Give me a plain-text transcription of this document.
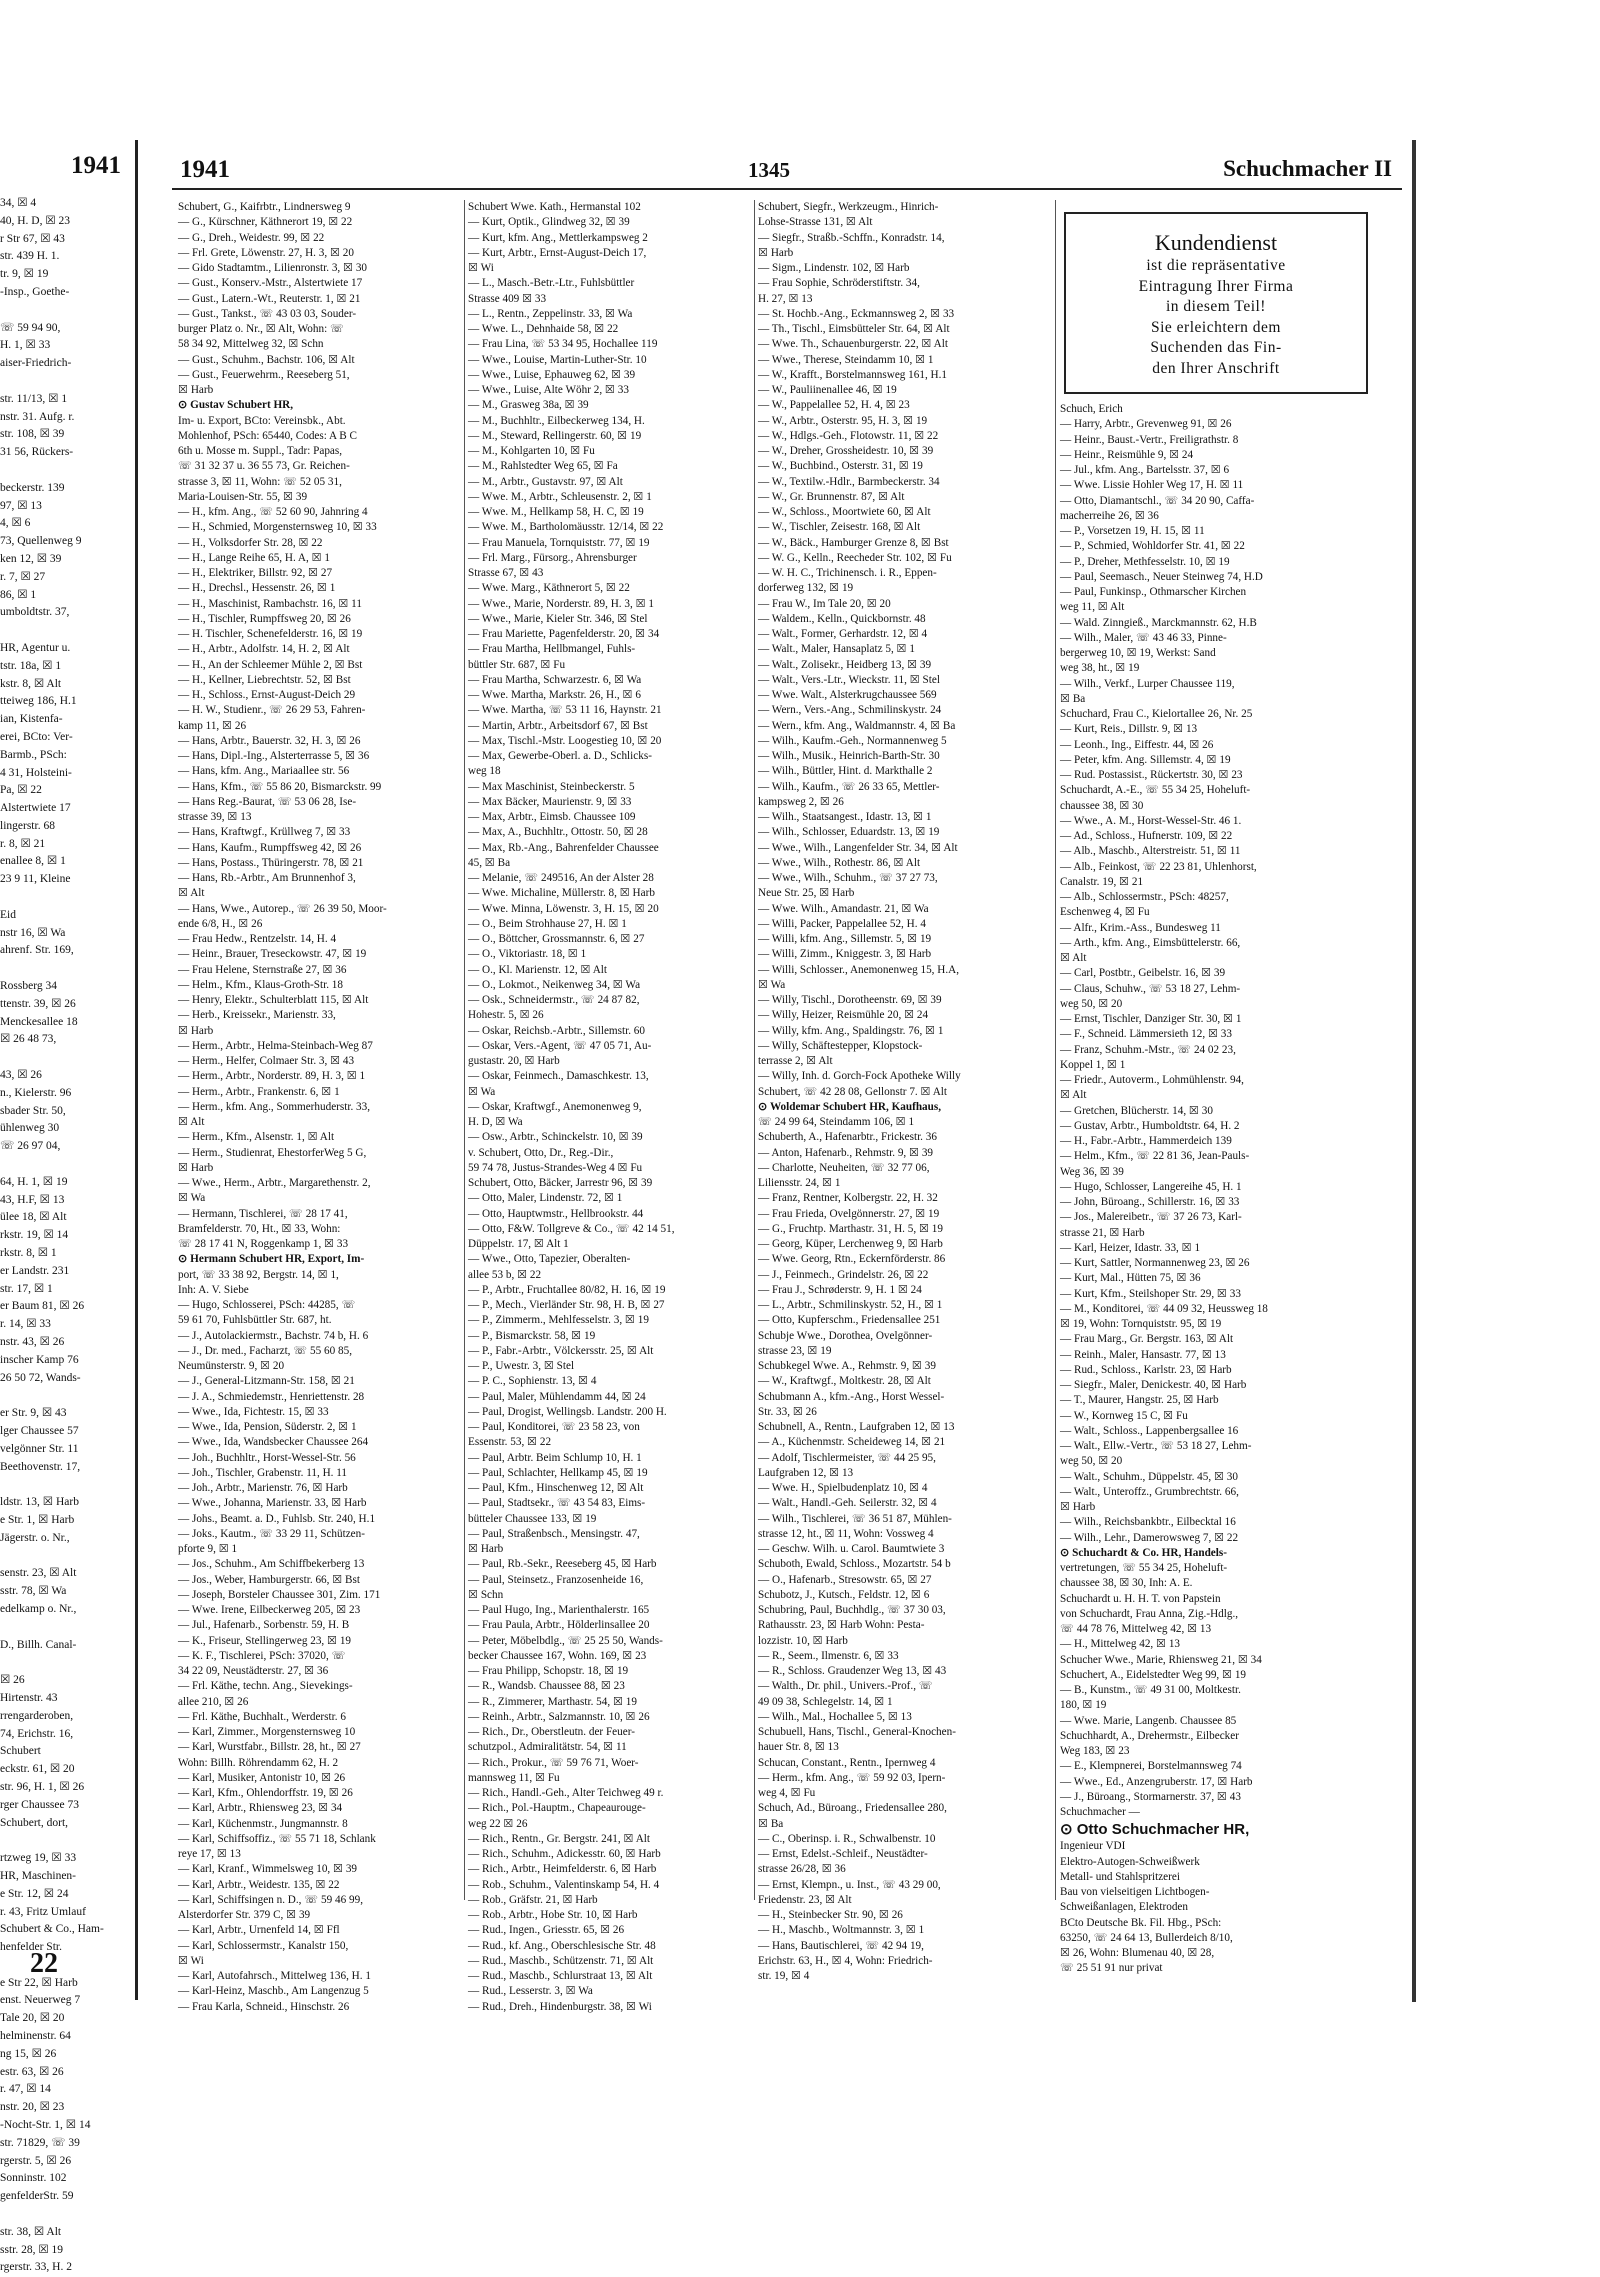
1941
34, ☒ 4
40, H. D, ☒ 23
r Str 67, ☒ 43
str. 439 H. 1.
tr. 9, ☒ 19
-Insp., Goethe-

☏ 59 94 90,
H. 1, ☒ 33
aiser-Friedrich-

str. 11/13, ☒ 1
nstr. 31. Aufg. r.
str. 108, ☒ 39
31 56, Rückers-

beckerstr. 139
97, ☒ 13
4, ☒ 6
73, Quellenweg 9
ken 12, ☒ 39
r. 7, ☒ 27
86, ☒ 1
umboldtstr. 37,

HR, Agentur u.
tstr. 18a, ☒ 1
kstr. 8, ☒ Alt
tteiweg 186, H.1
ian, Kistenfa-
erei, BCto: Ver-
Barmb., PSch:
4 31, Holsteini-
Pa, ☒ 22
Alstertwiete 17
lingerstr. 68
r. 8, ☒ 21
enallee 8, ☒ 1
23 9 11, Kleine

Eid
nstr 16, ☒ Wa
ahrenf. Str. 169,

Rossberg 34
ttenstr. 39, ☒ 26
Menckesallee 18
☒ 26 48 73,

43, ☒ 26
n., Kielerstr. 96
sbader Str. 50,
ühlenweg 30
☏ 26 97 04,

64, H. 1, ☒ 19
43, H.F, ☒ 13
ülee 18, ☒ Alt
rkstr. 19, ☒ 14
rkstr. 8, ☒ 1
er Landstr. 231
str. 17, ☒ 1
er Baum 81, ☒ 26
r. 14, ☒ 33
nstr. 43, ☒ 26
inscher Kamp 76
26 50 72, Wands-

er Str. 9, ☒ 43
lger Chaussee 57
velgönner Str. 11
Beethovenstr. 17,

ldstr. 13, ☒ Harb
e Str. 1, ☒ Harb
Jägerstr. o. Nr.,

senstr. 23, ☒ Alt
sstr. 78, ☒ Wa
edelkamp o. Nr.,

D., Billh. Canal-

☒ 26
Hirtenstr. 43
rrengarderoben,
74, Erichstr. 16,
Schubert
eckstr. 61, ☒ 20
str. 96, H. 1, ☒ 26
rger Chaussee 73
Schubert, dort,

rtzweg 19, ☒ 33
HR, Maschinen-
e Str. 12, ☒ 24
r. 43, Fritz Umlauf
Schubert & Co., Ham-
henfelder Str.

e Str 22, ☒ Harb
enst. Neuerweg 7
Tale 20, ☒ 20
helminenstr. 64
ng 15, ☒ 26
estr. 63, ☒ 26
r. 47, ☒ 14
nstr. 20, ☒ 23
-Nocht-Str. 1, ☒ 14
str. 71829, ☏ 39
rgerstr. 5, ☒ 26
Sonninstr. 102
genfelderStr. 59

str. 38, ☒ Alt
sstr. 28, ☒ 19
rgerstr. 33, H. 2
22
1941	1345	Schuchmacher II
Schubert, G., Kaifrbtr., Lindnersweg 9
— G., Kürschner, Käthnerort 19, ☒ 22
— G., Dreh., Weidestr. 99, ☒ 22
— Frl. Grete, Löwenstr. 27, H. 3, ☒ 20
— Gido Stadtamtm., Lilienronstr. 3, ☒ 30
— Gust., Konserv.-Mstr., Alstertwiete 17
— Gust., Latern.-Wt., Reuterstr. 1, ☒ 21
— Gust., Tankst., ☏ 43 03 03, Souder-
burger Platz o. Nr., ☒ Alt, Wohn: ☏
58 34 92, Mittelweg 32, ☒ Schn
— Gust., Schuhm., Bachstr. 106, ☒ Alt
— Gust., Feuerwehrm., Reeseberg 51,
☒ Harb
⊙ Gustav Schubert HR,
Im- u. Export, BCto: Vereinsbk., Abt.
Mohlenhof, PSch: 65440, Codes: A B C
6th u. Mosse m. Suppl., Tadr: Papas,
☏ 31 32 37 u. 36 55 73, Gr. Reichen-
strasse 3, ☒ 11, Wohn: ☏ 52 05 31,
Maria-Louisen-Str. 55, ☒ 39
— H., kfm. Ang., ☏ 52 60 90, Jahnring 4
— H., Schmied, Morgensternsweg 10, ☒ 33
— H., Volksdorfer Str. 28, ☒ 22
— H., Lange Reihe 65, H. A, ☒ 1
— H., Elektriker, Billstr. 92, ☒ 27
— H., Drechsl., Hessenstr. 26, ☒ 1
— H., Maschinist, Rambachstr. 16, ☒ 11
— H., Tischler, Rumpffsweg 20, ☒ 26
— H. Tischler, Schenefelderstr. 16, ☒ 19
— H., Arbtr., Adolfstr. 14, H. 2, ☒ Alt
— H., An der Schleemer Mühle 2, ☒ Bst
— H., Kellner, Liebrechtstr. 52, ☒ Bst
— H., Schloss., Ernst-August-Deich 29
— H. W., Studienr., ☏ 26 29 53, Fahren-
kamp 11, ☒ 26
— Hans, Arbtr., Bauerstr. 32, H. 3, ☒ 26
— Hans, Dipl.-Ing., Alsterterrasse 5, ☒ 36
— Hans, kfm. Ang., Mariaallee str. 56
— Hans, Kfm., ☏ 55 86 20, Bismarckstr. 99
— Hans Reg.-Baurat, ☏ 53 06 28, Ise-
strasse 39, ☒ 13
— Hans, Kraftwgf., Krüllweg 7, ☒ 33
— Hans, Kaufm., Rumpffsweg 42, ☒ 26
— Hans, Postass., Thüringerstr. 78, ☒ 21
— Hans, Rb.-Arbtr., Am Brunnenhof 3,
☒ Alt
— Hans, Wwe., Autorep., ☏ 26 39 50, Moor-
ende 6/8, H., ☒ 26
— Frau Hedw., Rentzelstr. 14, H. 4
— Heinr., Brauer, Treseckowstr. 47, ☒ 19
— Frau Helene, Sternstraße 27, ☒ 36
— Helm., Kfm., Klaus-Groth-Str. 18
— Henry, Elektr., Schulterblatt 115, ☒ Alt
— Herb., Kreissekr., Marienstr. 33,
☒ Harb
— Herm., Arbtr., Helma-Steinbach-Weg 87
— Herm., Helfer, Colmaer Str. 3, ☒ 43
— Herm., Arbtr., Norderstr. 89, H. 3, ☒ 1
— Herm., Arbtr., Frankenstr. 6, ☒ 1
— Herm., kfm. Ang., Sommerhuderstr. 33,
☒ Alt
— Herm., Kfm., Alsenstr. 1, ☒ Alt
— Herm., Studienrat, EhestorferWeg 5 G,
☒ Harb
— Wwe., Herm., Arbtr., Margarethenstr. 2,
☒ Wa
— Hermann, Tischlerei, ☏ 28 17 41,
Bramfelderstr. 70, Ht., ☒ 33, Wohn:
☏ 28 17 41 N, Roggenkamp 1, ☒ 33
⊙ Hermann Schubert HR, Export, Im-
port, ☏ 33 38 92, Bergstr. 14, ☒ 1,
Inh: A. V. Siebe
— Hugo, Schlosserei, PSch: 44285, ☏
59 61 70, Fuhlsbüttler Str. 687, ht.
— J., Autolackiermstr., Bachstr. 74 b, H. 6
— J., Dr. med., Facharzt, ☏ 55 60 85,
Neumünsterstr. 9, ☒ 20
— J., General-Litzmann-Str. 158, ☒ 21
— J. A., Schmiedemstr., Henriettenstr. 28
— Wwe., Ida, Fichtestr. 15, ☒ 33
— Wwe., Ida, Pension, Süderstr. 2, ☒ 1
— Wwe., Ida, Wandsbecker Chaussee 264
— Joh., Buchhltr., Horst-Wessel-Str. 56
— Joh., Tischler, Grabenstr. 11, H. 11
— Joh., Arbtr., Marienstr. 76, ☒ Harb
— Wwe., Johanna, Marienstr. 33, ☒ Harb
— Johs., Beamt. a. D., Fuhlsb. Str. 240, H.1
— Joks., Kautm., ☏ 33 29 11, Schützen-
pforte 9, ☒ 1
— Jos., Schuhm., Am Schiffbekerberg 13
— Jos., Weber, Hamburgerstr. 66, ☒ Bst
— Joseph, Borsteler Chaussee 301, Zim. 171
— Wwe. Irene, Eilbeckerweg 205, ☒ 23
— Jul., Hafenarb., Sorbenstr. 59, H. B
— K., Friseur, Stellingerweg 23, ☒ 19
— K. F., Tischlerei, PSch: 37020, ☏
34 22 09, Neustädterstr. 27, ☒ 36
— Frl. Käthe, techn. Ang., Sievekings-
allee 210, ☒ 26
— Frl. Käthe, Buchhalt., Werderstr. 6
— Karl, Zimmer., Morgensternsweg 10
— Karl, Wurstfabr., Billstr. 28, ht., ☒ 27
Wohn: Billh. Röhrendamm 62, H. 2
— Karl, Musiker, Antonistr 10, ☒ 26
— Karl, Kfm., Ohlendorffstr. 19, ☒ 26
— Karl, Arbtr., Rhiensweg 23, ☒ 34
— Karl, Küchenmstr., Jungmannstr. 8
— Karl, Schiffsoffiz., ☏ 55 71 18, Schlank
reye 17, ☒ 13
— Karl, Kranf., Wimmelsweg 10, ☒ 39
— Karl, Arbtr., Weidestr. 135, ☒ 22
— Karl, Schiffsingen n. D., ☏ 59 46 99,
Alsterdorfer Str. 379 C, ☒ 39
— Karl, Arbtr., Urnenfeld 14, ☒ Ffl
— Karl, Schlossermstr., Kanalstr 150,
☒ Wi
— Karl, Autofahrsch., Mittelweg 136, H. 1
— Karl-Heinz, Maschb., Am Langenzug 5
— Frau Karla, Schneid., Hinschstr. 26
Schubert Wwe. Kath., Hermanstal 102
— Kurt, Optik., Glindweg 32, ☒ 39
— Kurt, kfm. Ang., Mettlerkampsweg 2
— Kurt, Arbtr., Ernst-August-Deich 17,
☒ Wi
— L., Masch.-Betr.-Ltr., Fuhlsbüttler
Strasse 409 ☒ 33
— L., Rentn., Zeppelinstr. 33, ☒ Wa
— Wwe. L., Dehnhaide 58, ☒ 22
— Frau Lina, ☏ 53 34 95, Hochallee 119
— Wwe., Louise, Martin-Luther-Str. 10
— Wwe., Luise, Ephauweg 62, ☒ 39
— Wwe., Luise, Alte Wöhr 2, ☒ 33
— M., Grasweg 38a, ☒ 39
— M., Buchhltr., Eilbeckerweg 134, H.
— M., Steward, Rellingerstr. 60, ☒ 19
— M., Kohlgarten 10, ☒ Fu
— M., Rahlstedter Weg 65, ☒ Fa
— M., Arbtr., Gustavstr. 97, ☒ Alt
— Wwe. M., Arbtr., Schleusenstr. 2, ☒ 1
— Wwe. M., Hellkamp 58, H. C, ☒ 19
— Wwe. M., Bartholomäusstr. 12/14, ☒ 22
— Frau Manuela, Tornquiststr. 77, ☒ 19
— Frl. Marg., Fürsorg., Ahrensburger
Strasse 67, ☒ 43
— Wwe. Marg., Käthnerort 5, ☒ 22
— Wwe., Marie, Norderstr. 89, H. 3, ☒ 1
— Wwe., Marie, Kieler Str. 346, ☒ Stel
— Frau Mariette, Pagenfelderstr. 20, ☒ 34
— Frau Martha, Hellbmangel, Fuhls-
büttler Str. 687, ☒ Fu
— Frau Martha, Schwarzestr. 6, ☒ Wa
— Wwe. Martha, Markstr. 26, H., ☒ 6
— Wwe. Martha, ☏ 53 11 16, Haynstr. 21
— Martin, Arbtr., Arbeitsdorf 67, ☒ Bst
— Max, Tischl.-Mstr. Loogestieg 10, ☒ 20
— Max, Gewerbe-Oberl. a. D., Schlicks-
weg 18
— Max Maschinist, Steinbeckerstr. 5
— Max Bäcker, Maurienstr. 9, ☒ 33
— Max, Arbtr., Eimsb. Chaussee 109
— Max, A., Buchhltr., Ottostr. 50, ☒ 28
— Max, Rb.-Ang., Bahrenfelder Chaussee
45, ☒ Ba
— Melanie, ☏ 249516, An der Alster 28
— Wwe. Michaline, Müllerstr. 8, ☒ Harb
— Wwe. Minna, Löwenstr. 3, H. 15, ☒ 20
— O., Beim Strohhause 27, H. ☒ 1
— O., Böttcher, Grossmannstr. 6, ☒ 27
— O., Viktoriastr. 18, ☒ 1
— O., Kl. Marienstr. 12, ☒ Alt
— O., Lokmot., Neikenweg 34, ☒ Wa
— Osk., Schneidermstr., ☏ 24 87 82,
Hohestr. 5, ☒ 26
— Oskar, Reichsb.-Arbtr., Sillemstr. 60
— Oskar, Vers.-Agent, ☏ 47 05 71, Au-
gustastr. 20, ☒ Harb
— Oskar, Feinmech., Damaschkestr. 13,
☒ Wa
— Oskar, Kraftwgf., Anemonenweg 9,
H. D, ☒ Wa
— Osw., Arbtr., Schinckelstr. 10, ☒ 39
v. Schubert, Otto, Dr., Reg.-Dir.,
59 74 78, Justus-Strandes-Weg 4 ☒ Fu
Schubert, Otto, Bäcker, Jarrestr 96, ☒ 39
— Otto, Maler, Lindenstr. 72, ☒ 1
— Otto, Hauptwmstr., Hellbrookstr. 44
— Otto, F&W. Tollgreve & Co., ☏ 42 14 51,
Düppelstr. 17, ☒ Alt 1
— Wwe., Otto, Tapezier, Oberalten-
allee 53 b, ☒ 22
— P., Arbtr., Fruchtallee 80/82, H. 16, ☒ 19
— P., Mech., Vierländer Str. 98, H. B, ☒ 27
— P., Zimmerm., Mehlfesselstr. 3, ☒ 19
— P., Bismarckstr. 58, ☒ 19
— P., Fabr.-Arbtr., Völckersstr. 25, ☒ Alt
— P., Uwestr. 3, ☒ Stel
— P. C., Sophienstr. 13, ☒ 4
— Paul, Maler, Mühlendamm 44, ☒ 24
— Paul, Drogist, Wellingsb. Landstr. 200 H.
— Paul, Konditorei, ☏ 23 58 23, von
Essenstr. 53, ☒ 22
— Paul, Arbtr. Beim Schlump 10, H. 1
— Paul, Schlachter, Hellkamp 45, ☒ 19
— Paul, Kfm., Hinschenweg 12, ☒ Alt
— Paul, Stadtsekr., ☏ 43 54 83, Eims-
bütteler Chaussee 133, ☒ 19
— Paul, Straßenbsch., Mensingstr. 47,
☒ Harb
— Paul, Rb.-Sekr., Reeseberg 45, ☒ Harb
— Paul, Steinsetz., Franzosenheide 16,
☒ Schn
— Paul Hugo, Ing., Marienthalerstr. 165
— Frau Paula, Arbtr., Hölderlinsallee 20
— Peter, Möbelbdlg., ☏ 25 25 50, Wands-
becker Chaussee 167, Wohn. 169, ☒ 23
— Frau Philipp, Schopstr. 18, ☒ 19
— R., Wandsb. Chaussee 88, ☒ 23
— R., Zimmerer, Marthastr. 54, ☒ 19
— Reinh., Arbtr., Salzmannstr. 10, ☒ 26
— Rich., Dr., Oberstleutn. der Feuer-
schutzpol., Admiralitätstr. 54, ☒ 11
— Rich., Prokur., ☏ 59 76 71, Woer-
mannsweg 11, ☒ Fu
— Rich., Handl.-Geh., Alter Teichweg 49 r.
— Rich., Pol.-Hauptm., Chapeaurouge-
weg 22 ☒ 26
— Rich., Rentn., Gr. Bergstr. 241, ☒ Alt
— Rich., Schuhm., Adickesstr. 60, ☒ Harb
— Rich., Arbtr., Heimfelderstr. 6, ☒ Harb
— Rob., Schuhm., Valentinskamp 54, H. 4
— Rob., Gräfstr. 21, ☒ Harb
— Rob., Arbtr., Hobe Str. 10, ☒ Harb
— Rud., Ingen., Griesstr. 65, ☒ 26
— Rud., kf. Ang., Oberschlesische Str. 48
— Rud., Maschb., Schützenstr. 71, ☒ Alt
— Rud., Maschb., Schlurstraat 13, ☒ Alt
— Rud., Lesserstr. 3, ☒ Wa
— Rud., Dreh., Hindenburgstr. 38, ☒ Wi
Schubert, Siegfr., Werkzeugm., Hinrich-
Lohse-Strasse 131, ☒ Alt
— Siegfr., Straßb.-Schffn., Konradstr. 14,
☒ Harb
— Sigm., Lindenstr. 102, ☒ Harb
— Frau Sophie, Schröderstiftstr. 34,
H. 27, ☒ 13
— St. Hochb.-Ang., Eckmannsweg 2, ☒ 33
— Th., Tischl., Eimsbütteler Str. 64, ☒ Alt
— Wwe. Th., Schauenburgerstr. 22, ☒ Alt
— Wwe., Therese, Steindamm 10, ☒ 1
— W., Krafft., Borstelmannsweg 161, H.1
— W., Pauliinenallee 46, ☒ 19
— W., Pappelallee 52, H. 4, ☒ 23
— W., Arbtr., Osterstr. 95, H. 3, ☒ 19
— W., Hdlgs.-Geh., Flotowstr. 11, ☒ 22
— W., Dreher, Grossheidestr. 10, ☒ 39
— W., Buchbind., Osterstr. 31, ☒ 19
— W., Textilw.-Hdlr., Barmbeckerstr. 34
— W., Gr. Brunnenstr. 87, ☒ Alt
— W., Schloss., Moortwiete 60, ☒ Alt
— W., Tischler, Zeisestr. 168, ☒ Alt
— W., Bäck., Hamburger Grenze 8, ☒ Bst
— W. G., Kelln., Reecheder Str. 102, ☒ Fu
— W. H. C., Trichinensch. i. R., Eppen-
dorferweg 132, ☒ 19
— Frau W., Im Tale 20, ☒ 20
— Waldem., Kelln., Quickbornstr. 48
— Walt., Former, Gerhardstr. 12, ☒ 4
— Walt., Maler, Hansaplatz 5, ☒ 1
— Walt., Zolisekr., Heidberg 13, ☒ 39
— Walt., Vers.-Ltr., Wieckstr. 11, ☒ Stel
— Wwe. Walt., Alsterkrugchaussee 569
— Wern., Vers.-Ang., Schmilinskystr. 24
— Wern., kfm. Ang., Waldmannstr. 4, ☒ Ba
— Wilh., Kaufm.-Geh., Normannenweg 5
— Wilh., Musik., Heinrich-Barth-Str. 30
— Wilh., Büttler, Hint. d. Markthalle 2
— Wilh., Kaufm., ☏ 26 33 65, Mettler-
kampsweg 2, ☒ 26
— Wilh., Staatsangest., Idastr. 13, ☒ 1
— Wilh., Schlosser, Eduardstr. 13, ☒ 19
— Wwe., Wilh., Langenfelder Str. 34, ☒ Alt
— Wwe., Wilh., Rothestr. 86, ☒ Alt
— Wwe., Wilh., Schuhm., ☏ 37 27 73,
Neue Str. 25, ☒ Harb
— Wwe. Wilh., Amandastr. 21, ☒ Wa
— Willi, Packer, Pappelallee 52, H. 4
— Willi, kfm. Ang., Sillemstr. 5, ☒ 19
— Willi, Zimm., Kniggestr. 3, ☒ Harb
— Willi, Schlosser., Anemonenweg 15, H.A,
☒ Wa
— Willy, Tischl., Dorotheenstr. 69, ☒ 39
— Willy, Heizer, Reismühle 20, ☒ 24
— Willy, kfm. Ang., Spaldingstr. 76, ☒ 1
— Willy, Schäftestepper, Klopstock-
terrasse 2, ☒ Alt
— Willy, Inh. d. Gorch-Fock Apotheke Willy
Schubert, ☏ 42 28 08, Gellonstr 7. ☒ Alt
⊙ Woldemar Schubert HR, Kaufhaus,
☏ 24 99 64, Steindamm 106, ☒ 1
Schuberth, A., Hafenarbtr., Frickestr. 36
— Anton, Hafenarb., Rehmstr. 9, ☒ 39
— Charlotte, Neuheiten, ☏ 32 77 06,
Liliensstr. 24, ☒ 1
— Franz, Rentner, Kolbergstr. 22, H. 32
— Frau Frieda, Ovelgönnerstr. 27, ☒ 19
— G., Fruchtp. Marthastr. 31, H. 5, ☒ 19
— Georg, Küper, Lerchenweg 9, ☒ Harb
— Wwe. Georg, Rtn., Eckernförderstr. 86
— J., Feinmech., Grindelstr. 26, ☒ 22
— Frau J., Schrøderstr. 9, H. 1 ☒ 24
— L., Arbtr., Schmilinskystr. 52, H., ☒ 1
— Otto, Kupferschm., Friedensallee 251
Schubje Wwe., Dorothea, Ovelgönner-
strasse 23, ☒ 19
Schubkegel Wwe. A., Rehmstr. 9, ☒ 39
— W., Kraftwgf., Moltkestr. 28, ☒ Alt
Schubmann A., kfm.-Ang., Horst Wessel-
Str. 33, ☒ 26
Schubnell, A., Rentn., Laufgraben 12, ☒ 13
— A., Küchenmstr. Scheideweg 14, ☒ 21
— Adolf, Tischlermeister, ☏ 44 25 95,
Laufgraben 12, ☒ 13
— Wwe. H., Spielbudenplatz 10, ☒ 4
— Walt., Handl.-Geh. Seilerstr. 32, ☒ 4
— Wilh., Tischlerei, ☏ 36 51 87, Mühlen-
strasse 12, ht., ☒ 11, Wohn: Vossweg 4
— Geschw. Wilh. u. Carol. Baumtwiete 3
Schuboth, Ewald, Schloss., Mozartstr. 54 b
— O., Hafenarb., Stresowstr. 65, ☒ 27
Schubotz, J., Kutsch., Feldstr. 12, ☒ 6
Schubring, Paul, Buchhdlg., ☏ 37 30 03,
Rathausstr. 23, ☒ Harb Wohn: Pesta-
lozzistr. 10, ☒ Harb
— R., Seem., Ilmenstr. 6, ☒ 33
— R., Schloss. Graudenzer Weg 13, ☒ 43
— Walth., Dr. phil., Univers.-Prof., ☏
49 09 38, Schlegelstr. 14, ☒ 1
— Wilh., Mal., Hochallee 5, ☒ 13
Schubuell, Hans, Tischl., General-Knochen-
hauer Str. 8, ☒ 13
Schucan, Constant., Rentn., Ipernweg 4
— Herm., kfm. Ang., ☏ 59 92 03, Ipern-
weg 4, ☒ Fu
Schuch, Ad., Büroang., Friedensallee 280,
☒ Ba
— C., Oberinsp. i. R., Schwalbenstr. 10
— Ernst, Edelst.-Schleif., Neustädter-
strasse 26/28, ☒ 36
— Ernst, Klempn., u. Inst., ☏ 43 29 00,
Friedenstr. 23, ☒ Alt
— H., Steinbecker Str. 90, ☒ 26
— H., Maschb., Woltmannstr. 3, ☒ 1
— Hans, Bautischlerei, ☏ 42 94 19,
Erichstr. 63, H., ☒ 4, Wohn: Friedrich-
str. 19, ☒ 4
Kundendienst
ist die repräsentative
Eintragung Ihrer Firma
in diesem Teil!
Sie erleichtern dem
Suchenden das Fin-
den Ihrer Anschrift
Schuch, Erich
— Harry, Arbtr., Grevenweg 91, ☒ 26
— Heinr., Baust.-Vertr., Freiligrathstr. 8
— Heinr., Reismühle 9, ☒ 24
— Jul., kfm. Ang., Bartelsstr. 37, ☒ 6
— Wwe. Lissie Hohler Weg 17, H. ☒ 11
— Otto, Diamantschl., ☏ 34 20 90, Caffa-
macherreihe 26, ☒ 36
— P., Vorsetzen 19, H. 15, ☒ 11
— P., Schmied, Wohldorfer Str. 41, ☒ 22
— P., Dreher, Methfesselstr. 10, ☒ 19
— Paul, Seemasch., Neuer Steinweg 74, H.D
— Paul, Funkinsp., Othmarscher Kirchen
weg 11, ☒ Alt
— Wald. Zinngieß., Marckmannstr. 62, H.B
— Wilh., Maler, ☏ 43 46 33, Pinne-
bergerweg 10, ☒ 19, Werkst: Sand
weg 38, ht., ☒ 19
— Wilh., Verkf., Lurper Chaussee 119,
☒ Ba
Schuchard, Frau C., Kielortallee 26, Nr. 25
— Kurt, Reis., Dillstr. 9, ☒ 13
— Leonh., Ing., Eiffestr. 44, ☒ 26
— Peter, kfm. Ang. Sillemstr. 4, ☒ 19
— Rud. Postassist., Rückertstr. 30, ☒ 23
Schuchardt, A.-E., ☏ 55 34 25, Hoheluft-
chaussee 38, ☒ 30
— Wwe., A. M., Horst-Wessel-Str. 46 1.
— Ad., Schloss., Hufnerstr. 109, ☒ 22
— Alb., Maschb., Alterstreistr. 51, ☒ 11
— Alb., Feinkost, ☏ 22 23 81, Uhlenhorst,
Canalstr. 19, ☒ 21
— Alb., Schlossermstr., PSch: 48257,
Eschenweg 4, ☒ Fu
— Alfr., Krim.-Ass., Bundesweg 11
— Arth., kfm. Ang., Eimsbüttelerstr. 66,
☒ Alt
— Carl, Postbtr., Geibelstr. 16, ☒ 39
— Claus, Schuhw., ☏ 53 18 27, Lehm-
weg 50, ☒ 20
— Ernst, Tischler, Danziger Str. 30, ☒ 1
— F., Schneid. Lämmersieth 12, ☒ 33
— Franz, Schuhm.-Mstr., ☏ 24 02 23,
Koppel 1, ☒ 1
— Friedr., Autoverm., Lohmühlenstr. 94,
☒ Alt
— Gretchen, Blücherstr. 14, ☒ 30
— Gustav, Arbtr., Humboldtstr. 64, H. 2
— H., Fabr.-Arbtr., Hammerdeich 139
— Helm., Kfm., ☏ 22 81 36, Jean-Pauls-
Weg 36, ☒ 39
— Hugo, Schlosser, Langereihe 45, H. 1
— John, Büroang., Schillerstr. 16, ☒ 33
— Jos., Malereibetr., ☏ 37 26 73, Karl-
strasse 21, ☒ Harb
— Karl, Heizer, Idastr. 33, ☒ 1
— Kurt, Sattler, Normannenweg 23, ☒ 26
— Kurt, Mal., Hütten 75, ☒ 36
— Kurt, Kfm., Steilshoper Str. 29, ☒ 33
— M., Konditorei, ☏ 44 09 32, Heussweg 18
☒ 19, Wohn: Tornquiststr. 95, ☒ 19
— Frau Marg., Gr. Bergstr. 163, ☒ Alt
— Reinh., Maler, Hansastr. 77, ☒ 13
— Rud., Schloss., Karlstr. 23, ☒ Harb
— Siegfr., Maler, Denickestr. 40, ☒ Harb
— T., Maurer, Hangstr. 25, ☒ Harb
— W., Kornweg 15 C, ☒ Fu
— Walt., Schloss., Lappenbergsallee 16
— Walt., Ellw.-Vertr., ☏ 53 18 27, Lehm-
weg 50, ☒ 20
— Walt., Schuhm., Düppelstr. 45, ☒ 30
— Walt., Unteroffz., Grumbrechtstr. 66,
☒ Harb
— Wilh., Reichsbankbtr., Eilbecktal 16
— Wilh., Lehr., Damerowsweg 7, ☒ 22
⊙ Schuchardt & Co. HR, Handels-
vertretungen, ☏ 55 34 25, Hoheluft-
chaussee 38, ☒ 30, Inh: A. E.
Schuchardt u. H. H. T. von Papstein
von Schuchardt, Frau Anna, Zig.-Hdlg.,
☏ 44 78 76, Mittelweg 42, ☒ 13
— H., Mittelweg 42, ☒ 13
Schucher Wwe., Marie, Rhiensweg 21, ☒ 34
Schuchert, A., Eidelstedter Weg 99, ☒ 19
— B., Kunstm., ☏ 49 31 00, Moltkestr.
180, ☒ 19
— Wwe. Marie, Langenb. Chaussee 85
Schuchhardt, A., Drehermstr., Eilbecker
Weg 183, ☒ 23
— E., Klempnerei, Borstelmannsweg 74
— Wwe., Ed., Anzengruberstr. 17, ☒ Harb
— J., Büroang., Stormarnerstr. 37, ☒ 43
Schuchmacher —
⊙ Otto Schuchmacher HR,
Ingenieur VDI
Elektro-Autogen-Schweißwerk
Metall- und Stahlspritzerei
Bau von vielseitigen Lichtbogen-
Schweißanlagen, Elektroden
BCto Deutsche Bk. Fil. Hbg., PSch:
63250, ☏ 24 64 13, Bullerdeich 8/10,
☒ 26, Wohn: Blumenau 40, ☒ 28,
☏ 25 51 91 nur privat
